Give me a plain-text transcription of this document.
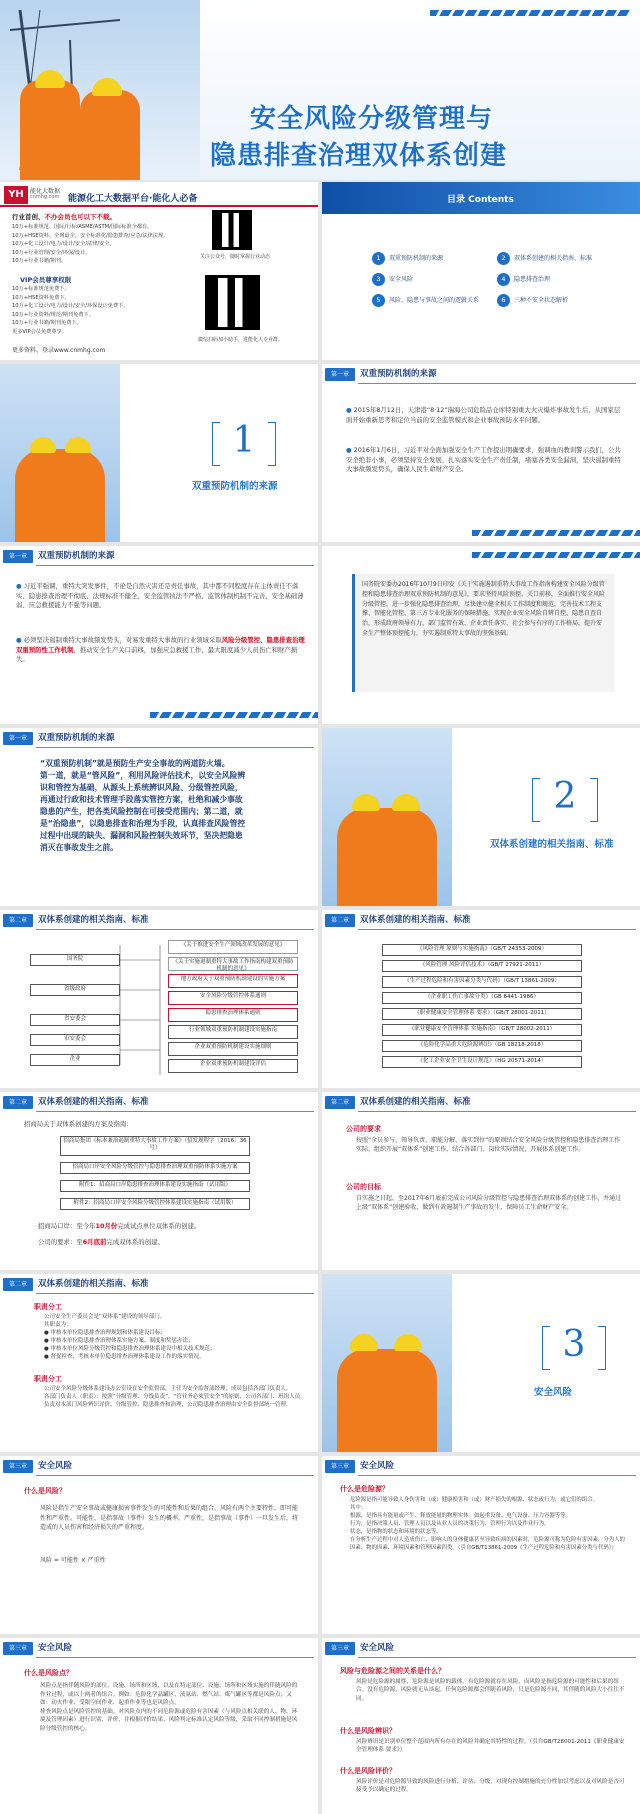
安全风险分级管理与
隐患排查治理双体系创建
YH	能化大数据
cnmhg.com 能源化工大数据平台·能化人必备
行业首创、不办会员也可以下不载。
10万+标准规范、国际/行标/ASME/ASTM/国际标准全都有。
10万+HSE资料、全网最全，安全标准化/隐患排查/应急/法律法规。
10万+化工设计/电力/设计/安全/法律/安全。
10万+行业管理/安全/环保/设计。
10万+行业书籍/期刊。
VIP会员尊享权限
10万+标准规范免费下。
10万+HSE资料免费下。
10万+化工设计/电力/设计/安全/环保设计免费下。
10万+行业资料/规范/期刊免费下。
10万+行业书籍/期刊免费下。
更多VIP会员免费尊享。
更多资料，登录www.cnmhg.com
关注公众号，随时掌握行业动态
微信扫码加小助手，进能化人专业群。
目录 Contents
1	双重预防机制的来源	2	双体系创建的相关指南、标准
3	安全风险	4	隐患排查治理
5	风险、隐患与事故之间的逻辑关系	6	三种不安全状态解析
1
双重预防机制的来源
第一章	双重预防机制的来源
● 2015年8月12日，天津港“8·12”瑞海公司危险品仓库特别重大火灾爆炸事故发生后，从国家层面开始重新思考和定位当前的安全监管模式和企业事故预防水平问题。
● 2016年1月6日，习近平对全面加强安全生产工作提出明确要求，强调血的教训警示我们，公共安全绝非小事，必须坚持安全发展，扎实落实安全生产责任制，堵塞各类安全漏洞，坚决遏制重特大事故频发势头，确保人民生命财产安全。
第一章	双重预防机制的来源
● 习近平强调，重特大突发事件，不论是自然灾害还是责任事故，其中都不同程度存在主体责任不落实、隐患排查治理不彻底、法规标准不健全、安全监管执法不严格、监管体制机制不完善、安全基础薄弱、应急救援能力不强等问题。
● 必须坚决遏制重特大事故频发势头，对易发重特大事故的行业领域采取风险分级管控、隐患排查治理双重预防性工作机制，推动安全生产关口前移，加强应急救援工作，最大限度减少人员伤亡和财产损失。
国务院安委办2016年10月9日印发《关于实施遏制重特大事故工作指南构建安全风险分级管控和隐患排查治理双重预防机制的意见》，要求坚持风险预控、关口前移，全面推行安全风险分级管控，进一步强化隐患排查治理，尽快建立健全相关工作制度和规范，完善技术工程支撑、智能化管控、第三方专业化服务的保障措施，实现企业安全风险自辨自控、隐患自查自治，形成政府领导有力、部门监管有效、企业责任落实、社会参与有序的工作格局，提升安全生产整体预控能力，夯实遏制重特大事故的坚强基础。
第一章	双重预防机制的来源
“双重预防机制”就是预防生产安全事故的两道防火墙。
第一道，就是“管风险”，利用风险评估技术，以安全风险辨识和管控为基础，从源头上系统辨识风险、分级管控风险，再通过行政和技术管理手段落实管控方案，杜绝和减少事故隐患的产生，把各类风险控制在可接受范围内；第二道，就是“治隐患”，以隐患排查和治理为手段，认真排查风险管控过程中出现的缺失、漏洞和风险控制失效环节，坚决把隐患消灭在事故发生之前。
2
双体系创建的相关指南、标准
第二章	双体系创建的相关指南、标准
国务院
省级政府
省安委会
市安委会
企业
《关于推进安全生产领域改革发展的意见》
《关于实施遏制重特大事故工作指南构建双重预防机制的意见》
地方政府关于双重预防机制建设的实施方案
安全风险分级管控体系通则
隐患排查治理体系通则
行业领域双重预防机制建设实施指南
企业双重预防机制建设实施细则
企业双重预防机制建设评估
第二章	双体系创建的相关指南、标准
《风险管理 原则与实施指南》（GB/T 24353-2009）
《风险管理 风险评估技术》（GB/T 27921-2011）
《生产过程危险和有害因素分类与代码》（GB/T 13861-2009）
《企业职工伤亡事故分类》（GB 6441-1986）
《职业健康安全管理体系 要求》（GB/T 28001-2011）
《职业健康安全管理体系 实施指南》（GB/T 28002-2011）
《危险化学品重大危险源辨识》（GB 18218-2018）
《化工企业安全卫生设计规范》（HG 20571-2014）
第二章	双体系创建的相关指南、标准
招商局关于双体系创建的方案及指南：
招商局集团《标本兼治遏制重特大事故工作方案》（招发规程字〔2016〕36号）
招商局口岸安全风险分级管控与隐患排查治理双重预防体系实施方案
附件1：招商局口岸隐患排查治理体系建设实施指南（试用版）
附件2：招商局口岸安全风险分级管控体系建设实施指南（试用版）
招商局口岸：至今年10月份完成试点单位双体系的创建。
公司的要求：至6月底前完成双体系的创建。
第二章	双体系创建的相关指南、标准
公司的要求
按照“全员参与、领导负责、职能分解、落实到位”的原则结合安全风险分级管控和隐患排查治理工作实际，组织开展“双体系”创建工作，结合各部门、岗位实际情况，开展体系创建工作。
公司的目标
自实施之日起，至2017年6月底前完成公司风险分级管控与隐患排查治理双体系的创建工作，并通过上级“双体系”创建验收，做到有效遏制生产事故的发生，保障员工生命财产安全。
第二章	双体系创建的相关指南、标准
职责分工
公司安全生产委员会是“双体系”建设的领导部门。
其职责为：
● 审核本单位隐患排查治理规划和体系建设目标；
● 审核本单位隐患排查治理体系实施方案、制度和奖惩办法；
● 审核本单位风险分级管控和隐患排查治理体系建设中相关技术规范；
● 督促检查、考核本单位隐患排查治理体系建设工作的落实情况。
职责分工
公司安全风险分级体系建设办公室设在安全监督部，主任为安全监督部经理，成员包括各部门负责人。
各部门负责人（职责）：按照“分级管理、分线负责”，“管业务必须管安全”的原则，公司各部门、班组人员负责对本部门风险辨识评价、分级管控、隐患排查和治理，公司隐患排查治理由安全监督部统一管理。
3
安全风险
第三章	安全风险
什么是风险？
风险是指生产安全事故或健康损害事件发生的可能性和后果的组合。风险有两个主要特性，即可能性和严重性。可能性，是指事故（事件）发生的概率。严重性，是指事故（事件）一旦发生后，将造成的人员伤害和经济损失的严重程度。
风险 = 可能性 × 严重性
第三章	安全风险
什么是危险源？
危险源是指可能导致人身伤害和（或）健康损害和（或）财产损失的根源、状态或行为，或它们的组合。
其中：
根源，是指具有能量或产生、释放能量的物理实体。如起重设备、电气设备、压力容器等等。
行为，是指决策人员、管理人员以及从业人员的决策行为、管理行为以及作业行为。
状态，是指物的状态和环境的状态等。
在分析生产过程中对人造成伤亡、影响人的身体健康甚至导致疾病的因素时，危险源可称为危险有害因素，分为人的因素、物的因素、环境因素和管理因素四类。（引自GB/T13861-2009《生产过程危险和有害因素分类与代码》）
第三章	安全风险
什么是风险点？
风险点是指伴随风险的部位、设施、场所和区域，以及在特定部位、设施、场所和区域实施的伴随风险的作业过程，或以上两者的组合。例如：危险化学品罐区、液氨站、燃气站、煤气罐区等都是风险点；又如：动火作业、受限空间作业、起重作业等也是风险点。
排查风险点是风险管控的基础。对风险点内的不同危险源或危险有害因素（与风险点相关联的人、物、环境及管理因素）进行识别、评价，并根据评价结果、风险判定标准认定风险等级，采取不同控制措施是风险分级管控的核心。
第三章	安全风险
风险与危险源之间的关系是什么？
风险是危险源的属性，危险源是风险的载体。有危险源就存在风险，而风险是指危险源的可能性和后果的组合。没有危险源，风险就无从谈起。任何危险源都会伴随着风险，只是危险源不同，其伴随的风险大小往往不同。
什么是风险辨识？
风险辨识是识别单位整个范围内所有存在的风险并确定其特性的过程。（引自GB/T28001-2011《职业健康安全管理体系 要求》）
什么是风险评价？
风险评价是对危险源导致的风险进行分析、评估、分级，对现有控制措施的充分性加以考虑以及对风险是否可接受予以确定的过程。
